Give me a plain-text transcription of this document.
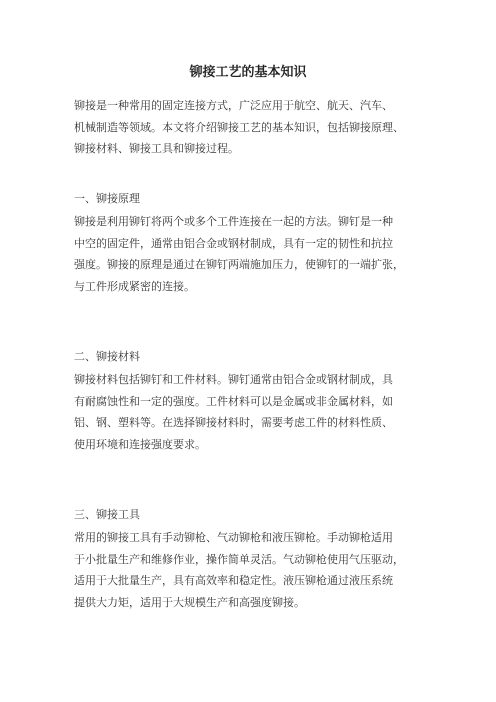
铆接工艺的基本知识
铆接是一种常用的固定连接方式，广泛应用于航空、航天、汽车、
机械制造等领域。本文将介绍铆接工艺的基本知识，包括铆接原理、
铆接材料、铆接工具和铆接过程。
一、铆接原理
铆接是利用铆钉将两个或多个工件连接在一起的方法。铆钉是一种
中空的固定件，通常由铝合金或钢材制成，具有一定的韧性和抗拉
强度。铆接的原理是通过在铆钉两端施加压力，使铆钉的一端扩张，
与工件形成紧密的连接。
二、铆接材料
铆接材料包括铆钉和工件材料。铆钉通常由铝合金或钢材制成，具
有耐腐蚀性和一定的强度。工件材料可以是金属或非金属材料，如
铝、钢、塑料等。在选择铆接材料时，需要考虑工件的材料性质、
使用环境和连接强度要求。
三、铆接工具
常用的铆接工具有手动铆枪、气动铆枪和液压铆枪。手动铆枪适用
于小批量生产和维修作业，操作简单灵活。气动铆枪使用气压驱动，
适用于大批量生产，具有高效率和稳定性。液压铆枪通过液压系统
提供大力矩，适用于大规模生产和高强度铆接。
